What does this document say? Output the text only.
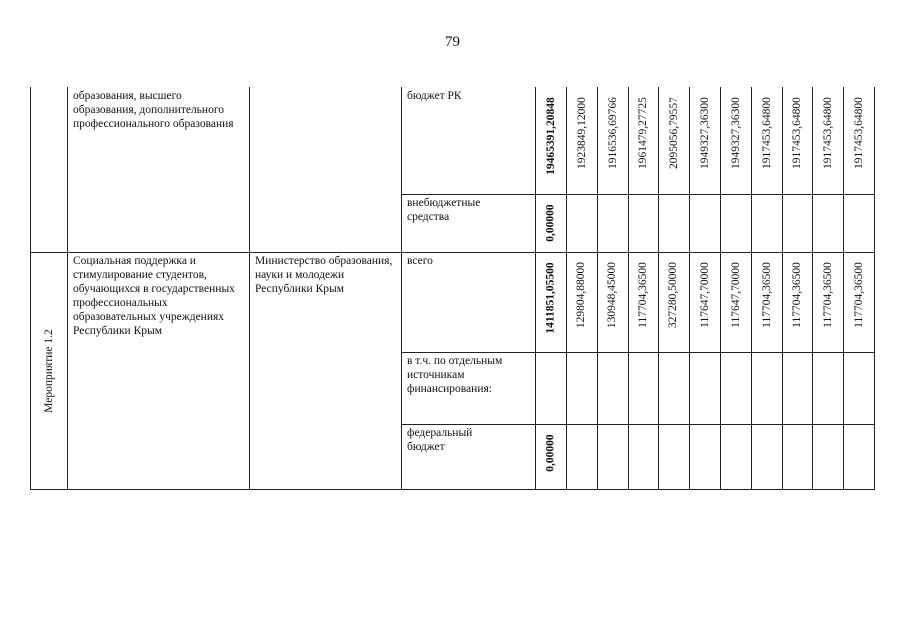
79
образования, высшего образования, дополнительного профессионального образования
бюджет РК
19465391,20848 1923849,12000 1916536,69766 1961479,27725 2095056,79557 1949327,36300 1949327,36300 1917453,64800 1917453,64800 1917453,64800 1917453,64800
внебюджетные средства	0,00000
Мероприятие 1.2
Социальная поддержка и стимулирование студентов, обучающихся в государственных профессиональных образовательных учреждениях Республики Крым
Министерство образования, науки и молодежи Республики Крым
всего
1411851,05500 129804,88000 130948,45000 117704,36500 327280,50000 117647,70000 117647,70000 117704,36500 117704,36500 117704,36500 117704,36500
в т.ч. по отдельным источникам финансирования:
федеральный бюджет	0,00000
